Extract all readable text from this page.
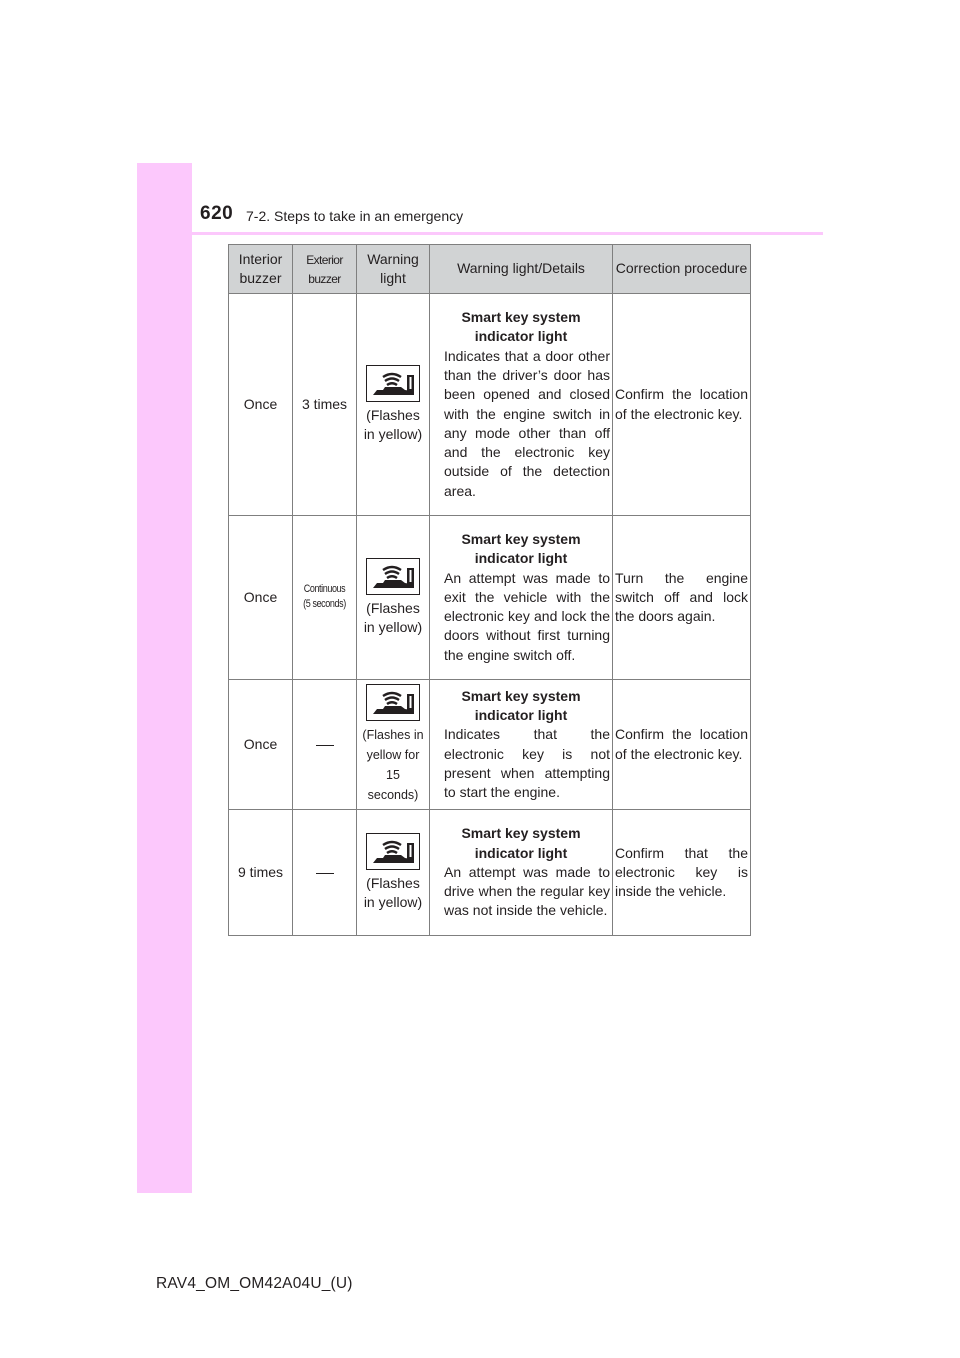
620 7-2. Steps to take in an emergency
Interior buzzer	Exterior buzzer	Warning light	Warning light/Details	Correction procedure
Once	3 times	(Flashes in yellow)	Smart key system indicator light
Indicates that a door other than the driver’s door has been opened and closed with the engine switch in any mode other than off and the electronic key outside of the detection area.	Confirm the location of the electronic key.

Once	Continuous (5 seconds)	(Flashes in yellow)	Smart key system indicator light
An attempt was made to exit the vehicle with the electronic key and lock the doors without first turning the engine switch off.	Turn the engine switch off and lock the doors again.

Once		(Flashes in yellow for 15 seconds)	Smart key system indicator light
Indicates that the electronic key is not present when attempting to start the engine.	Confirm the location of the electronic key.

9 times		(Flashes in yellow)	Smart key system indicator light
An attempt was made to drive when the regular key was not inside the vehicle.	Confirm that the electronic key is inside the vehicle.
RAV4_OM_OM42A04U_(U)
